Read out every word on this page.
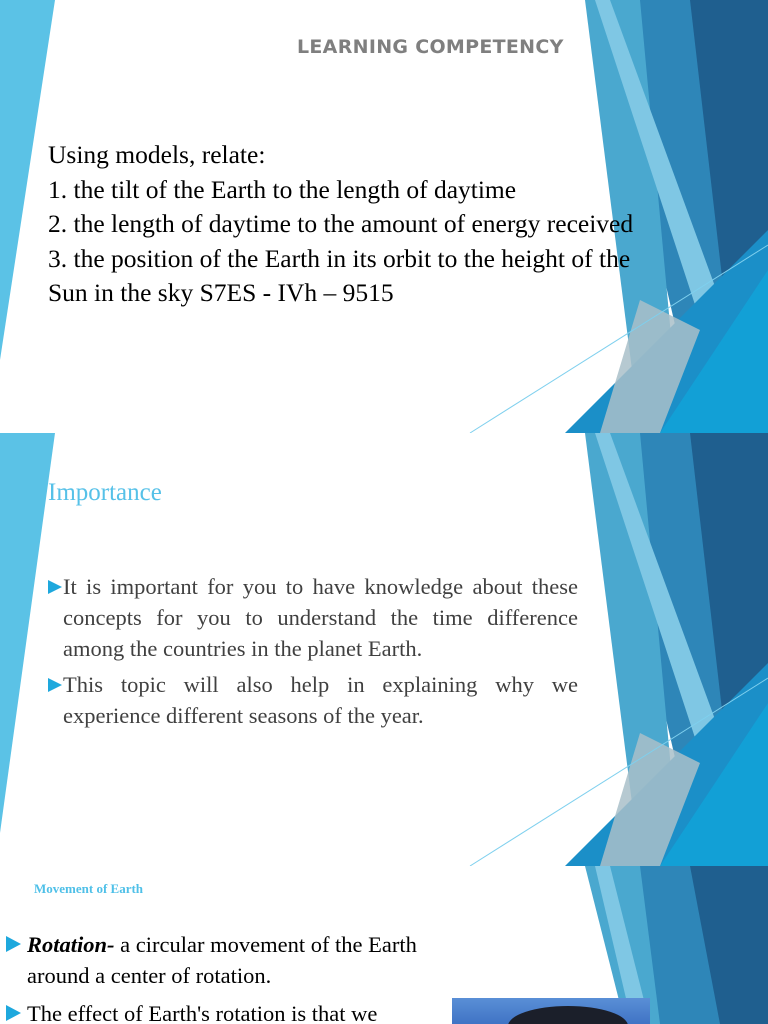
LEARNING COMPETENCY
Using models, relate:
1. the tilt of the Earth to the length of daytime
2. the length of daytime to the amount of energy received
3. the position of the Earth in its orbit to the height of the
Sun in the sky S7ES - IVh – 9515
Importance
It is important for you to have knowledge about these concepts for you to understand the time difference among the countries in the planet Earth.
This topic will also help in explaining why we experience different seasons of the year.
Movement of Earth
Rotation- a circular movement of the Earth around a center of rotation.
The effect of Earth's rotation is that we
